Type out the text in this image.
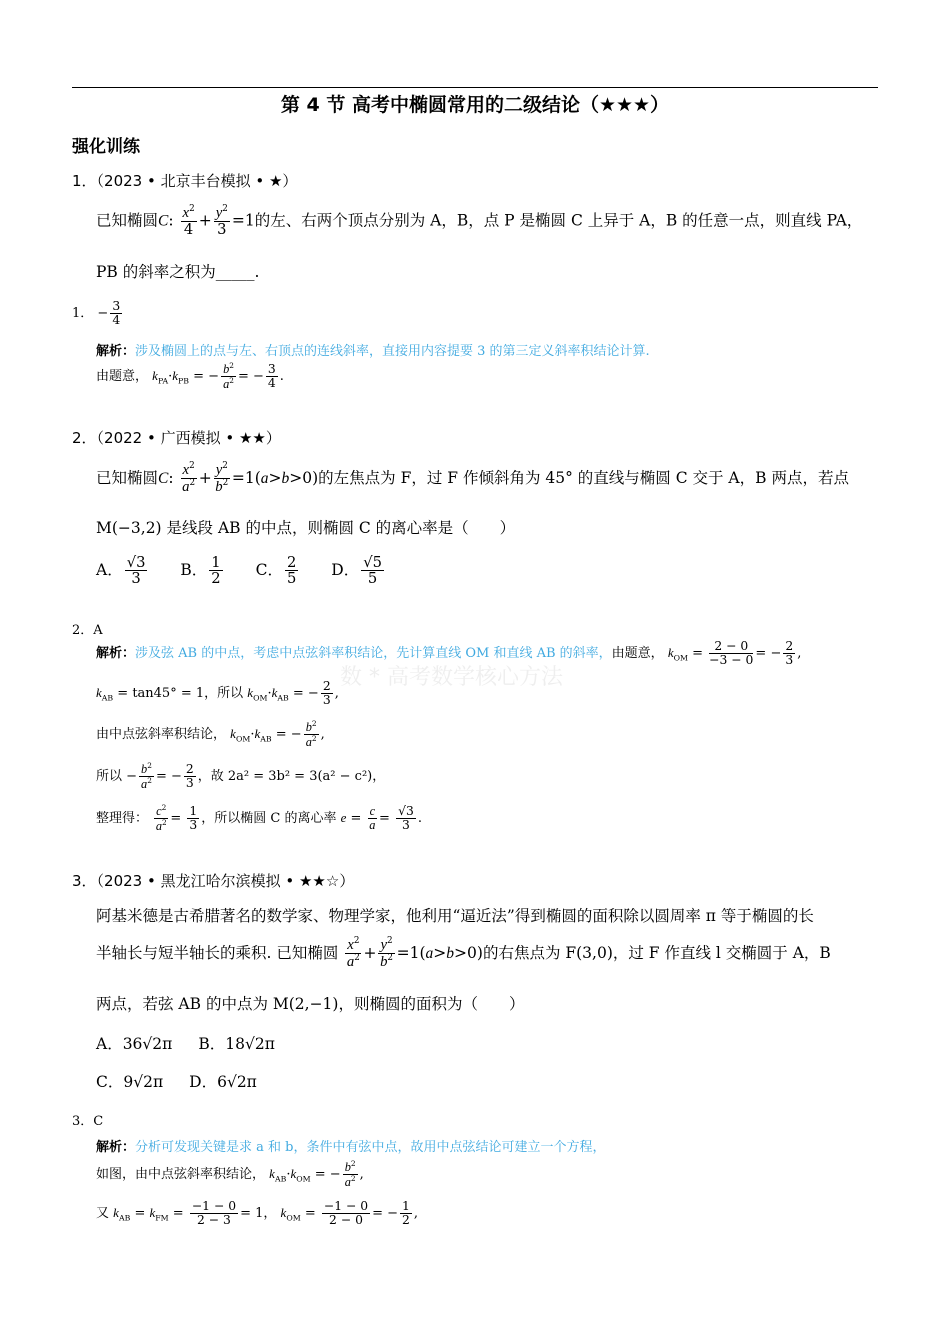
第 4 节 高考中椭圆常用的二级结论（★★★）
强化训练
数 * 高考数学核心方法
1．（2023 • 北京丰台模拟 • ★）
已知椭圆C: $\frac{x^2}{4} + \frac{y^2}{3} =1$的左、右两个顶点分别为 A，B，点 P 是椭圆 C 上异于 A，B 的任意一点，则直线 PA，
PB 的斜率之积为_____.
1． − $\frac{3}{4}$
解析：涉及椭圆上的点与左、右顶点的连线斜率，直接用内容提要 3 的第三定义斜率积结论计算.
由题意， $k_{PA}\cdot k_{PB}$ = − $\frac{b^2}{a^2}$ = − $\frac{3}{4}$ .
2．（2022 • 广西模拟 • ★★）
已知椭圆C: $\frac{x^2}{a^2} + \frac{y^2}{b^2} =1(a>b>0)$的左焦点为 F，过 F 作倾斜角为 45° 的直线与椭圆 C 交于 A，B 两点，若点
M(−3,2) 是线段 AB 的中点，则椭圆 C 的离心率是（　　）
A． $\frac{√3}{3}$ B． $\frac{1}{2}$ C． $\frac{2}{5}$ D． $\frac{√5}{5}$
2．A
解析：涉及弦 AB 的中点，考虑中点弦斜率积结论，先计算直线 OM 和直线 AB 的斜率，由题意， $k_{OM} = \frac{2 - 0}{-3 - 0}$ = − $\frac{2}{3}$ ,
$k_{AB} = \tan 45^\circ = 1$，所以 $k_{OM}\cdot k_{AB}$ = − $\frac{2}{3}$ ,
由中点弦斜率积结论， $k_{OM}\cdot k_{AB}$ = − $\frac{b^2}{a^2}$ ,
所以 − $\frac{b^2}{a^2}$ = − $\frac{2}{3}$ ，故 2a² = 3b² = 3(a² − c²)，
整理得： $\frac{c^2}{a^2} = \frac{1}{3}$ ，所以椭圆 C 的离心率 $e = \frac{c}{a} = \frac{√3}{3}$ .
3．（2023 • 黑龙江哈尔滨模拟 • ★★☆）
阿基米德是古希腊著名的数学家、物理学家，他利用“逼近法”得到椭圆的面积除以圆周率 π 等于椭圆的长
半轴长与短半轴长的乘积. 已知椭圆 $\frac{x^2}{a^2} + \frac{y^2}{b^2} =1(a>b>0)$的右焦点为 F(3,0)，过 F 作直线 l 交椭圆于 A，B
两点，若弦 AB 的中点为 M(2,−1)，则椭圆的面积为（　　）
A．36√2π B．18√2π
C．9√2π D．6√2π
3．C
解析：分析可发现关键是求 a 和 b，条件中有弦中点，故用中点弦结论可建立一个方程，
如图，由中点弦斜率积结论， $k_{AB}\cdot k_{OM}$ = − $\frac{b^2}{a^2}$ ,
又 $k_{AB} = k_{FM} = \frac{-1 - 0}{2 - 3} = 1$， $k_{OM} = \frac{-1 - 0}{2 - 0}$ = − $\frac{1}{2}$ ,
